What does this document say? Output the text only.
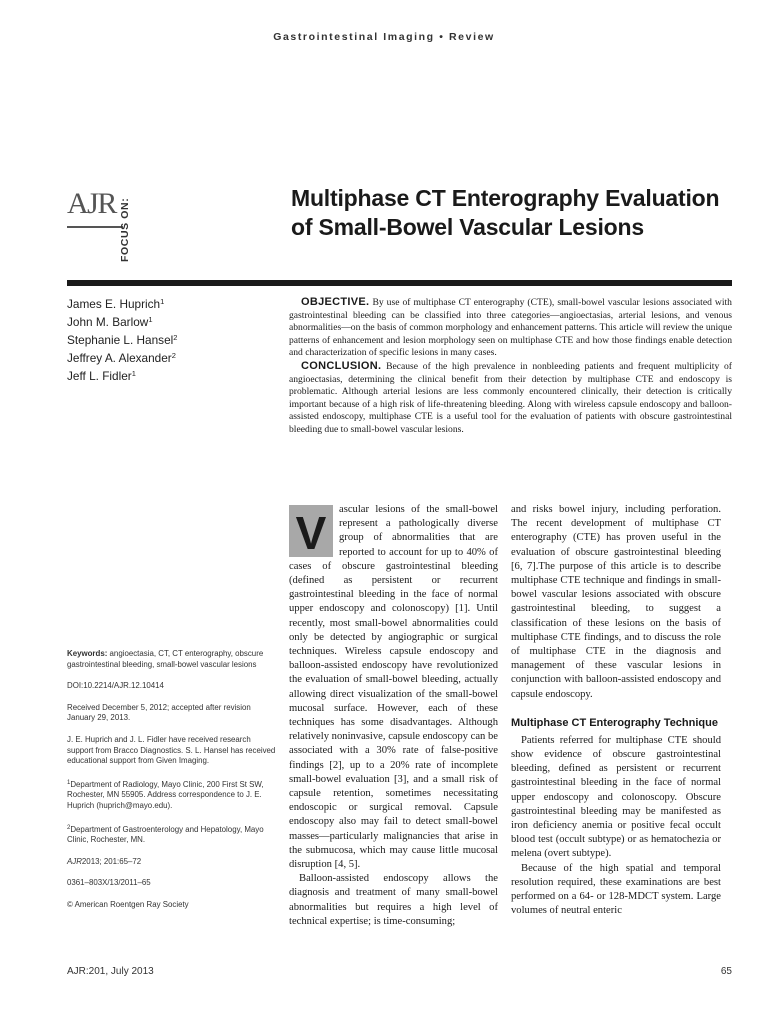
Gastrointestinal Imaging • Review
AJR FOCUS ON:	Multiphase CT Enterography Evaluation of Small-Bowel Vascular Lesions
James E. Huprich$^1$
John M. Barlow$^1$
Stephanie L. Hansel$^2$
Jeffrey A. Alexander$^2$
Jeff L. Fidler$^1$

OBJECTIVE. By use of multiphase CT enterography (CTE), small-bowel vascular lesions associated with gastrointestinal bleeding can be classified into three categories—angioectasias, arterial lesions, and venous abnormalities—on the basis of common morphology and enhancement patterns. This article will review the unique patterns of enhancement and lesion morphology seen on multiphase CTE and how those findings enable detection and characterization of specific lesions in many cases.

CONCLUSION. Because of the high prevalence in nonbleeding patients and frequent multiplicity of angioectasias, determining the clinical benefit from their detection by multiphase CTE and endoscopy is problematic. Although arterial lesions are less commonly encountered clinically, their detection is critically important because of a high risk of life-threatening bleeding. Along with wireless capsule endoscopy and balloon-assisted endoscopy, multiphase CTE is a useful tool for the evaluation of patients with obscure gastrointestinal bleeding due to small-bowel vascular lesions.

Keywords: angioectasia, CT, CT enterography, obscure gastrointestinal bleeding, small-bowel vascular lesions

DOI:10.2214/AJR.12.10414

Received December 5, 2012; accepted after revision January 29, 2013.

J. E. Huprich and J. L. Fidler have received research support from Bracco Diagnostics. S. L. Hansel has received educational support from Given Imaging.

$^1$Department of Radiology, Mayo Clinic, 200 First St SW, Rochester, MN 55905. Address correspondence to J. E. Huprich (huprich@mayo.edu).

$^2$Department of Gastroenterology and Hepatology, Mayo Clinic, Rochester, MN.

AJR2013; 201:65–72

0361–803X/13/2011–65

© American Roentgen Ray Society

V	ascular lesions of the small-bowel represent a pathologically diverse group of abnormalities that are reported to account for up to 40% of cases of obscure gastrointestinal bleeding (defined as persistent or recurrent gastrointestinal bleeding in the face of normal upper endoscopy and colonoscopy) [1]. Until recently, most small-bowel abnormalities could only be detected by angiographic or surgical techniques. Wireless capsule endoscopy and balloon-assisted endoscopy have revolutionized the evaluation of small-bowel bleeding, actually allowing direct visualization of the small-bowel mucosal surface. However, each of these techniques has some disadvantages. Although relatively noninvasive, capsule endoscopy can be associated with a 30% rate of false-positive findings [2], up to a 20% rate of incomplete small-bowel evaluation [3], and a small risk of capsule retention, sometimes necessitating endoscopic or surgical removal. Capsule endoscopy also may fail to detect small-bowel masses—particularly malignancies that arise in the submucosa, which may cause little mucosal disruption [4, 5].

Balloon-assisted endoscopy allows the diagnosis and treatment of many small-bowel abnormalities but requires a high level of technical expertise; is time-consuming;

and risks bowel injury, including perforation. The recent development of multiphase CT enterography (CTE) has proven useful in the evaluation of obscure gastrointestinal bleeding [6, 7].The purpose of this article is to describe multiphase CTE technique and findings in small-bowel vascular lesions associated with obscure gastrointestinal bleeding, to suggest a classification of these lesions on the basis of multiphase CTE findings, and to discuss the role of multiphase CTE in the diagnosis and management of these vascular lesions in conjunction with balloon-assisted endoscopy and capsule endoscopy.

Multiphase CT Enterography Technique

Patients referred for multiphase CTE should show evidence of obscure gastrointestinal bleeding, defined as persistent or recurrent gastrointestinal bleeding in the face of normal upper endoscopy and colonoscopy. Obscure gastrointestinal bleeding may be manifested as iron deficiency anemia or positive fecal occult blood test (occult subtype) or as hematochezia or melena (overt subtype).

Because of the high spatial and temporal resolution required, these examinations are best performed on a 64- or 128-MDCT system. Large volumes of neutral enteric

AJR:201, July 2013	65
